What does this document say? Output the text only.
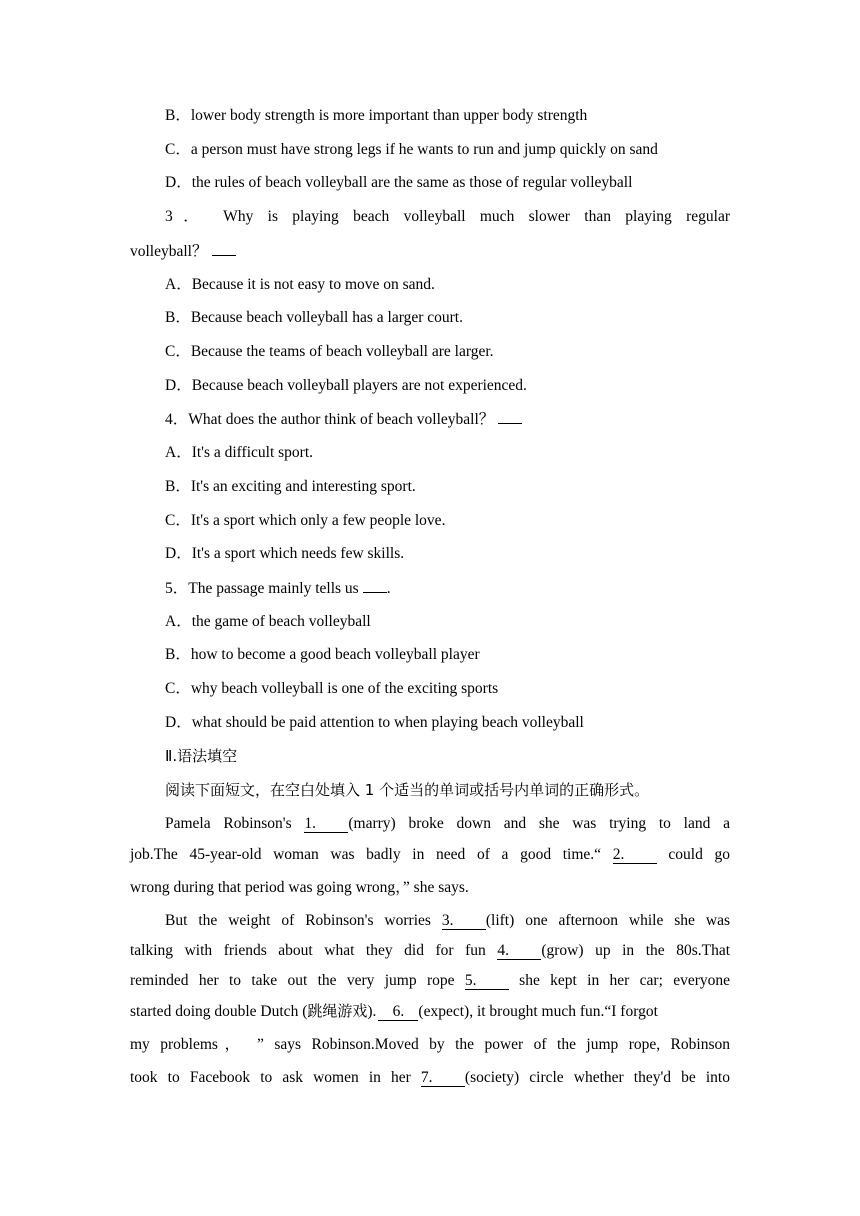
B．lower body strength is more important than upper body strength
C．a person must have strong legs if he wants to run and jump quickly on sand
D．the rules of beach volleyball are the same as those of regular volleyball
3． Why is playing beach volleyball much slower than playing regular
volleyball？
A．Because it is not easy to move on sand.
B．Because beach volleyball has a larger court.
C．Because the teams of beach volleyball are larger.
D．Because beach volleyball players are not experienced.
4．What does the author think of beach volleyball？
A．It's a difficult sport.
B．It's an exciting and interesting sport.
C．It's a sport which only a few people love.
D．It's a sport which needs few skills.
5．The passage mainly tells us .
A．the game of beach volleyball
B．how to become a good beach volleyball player
C．why beach volleyball is one of the exciting sports
D．what should be paid attention to when playing beach volleyball
Ⅱ.语法填空
阅读下面短文，在空白处填入 1 个适当的单词或括号内单词的正确形式。
Pamela Robinson's 1. (marry) broke down and she was trying to land a
job.The 45-year-old woman was badly in need of a good time.“ 2.	could go
wrong during that period was going wrong，” she says.
But the weight of Robinson's worries 3. (lift) one afternoon while she was
talking with friends about what they did for fun 4. (grow) up in the 80s.That
reminded her to take out the very jump rope 5.	she kept in her car; everyone
started doing double Dutch (跳绳游戏). 6. (expect), it brought much fun.“I forgot
my problems， ” says Robinson.Moved by the power of the jump rope, Robinson
took to Facebook to ask women in her 7. (society) circle whether they'd be into
